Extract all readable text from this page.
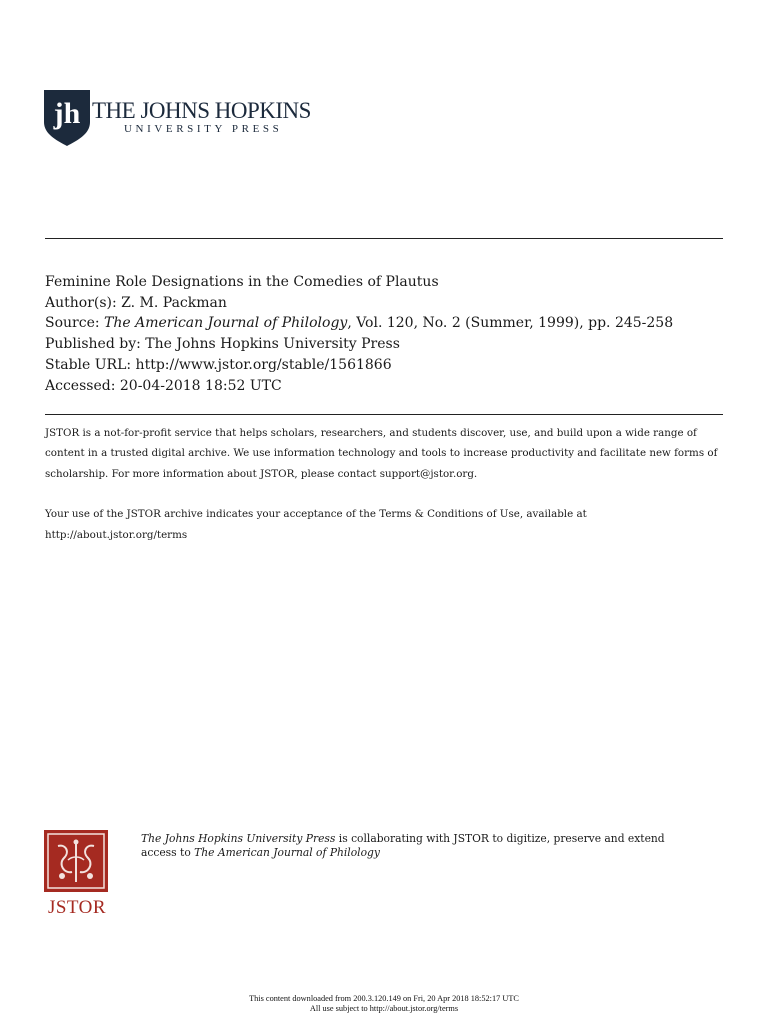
jh THE JOHNS HOPKINS
UNIVERSITY PRESS
Feminine Role Designations in the Comedies of Plautus
Author(s): Z. M. Packman
Source: The American Journal of Philology, Vol. 120, No. 2 (Summer, 1999), pp. 245-258
Published by: The Johns Hopkins University Press
Stable URL: http://www.jstor.org/stable/1561866
Accessed: 20-04-2018 18:52 UTC

JSTOR is a not-for-profit service that helps scholars, researchers, and students discover, use, and build upon a wide range of content in a trusted digital archive. We use information technology and tools to increase productivity and facilitate new forms of scholarship. For more information about JSTOR, please contact support@jstor.org.

Your use of the JSTOR archive indicates your acceptance of the Terms & Conditions of Use, available at http://about.jstor.org/terms

JSTOR
The Johns Hopkins University Press is collaborating with JSTOR to digitize, preserve and extend access to The American Journal of Philology
This content downloaded from 200.3.120.149 on Fri, 20 Apr 2018 18:52:17 UTC
All use subject to http://about.jstor.org/terms
